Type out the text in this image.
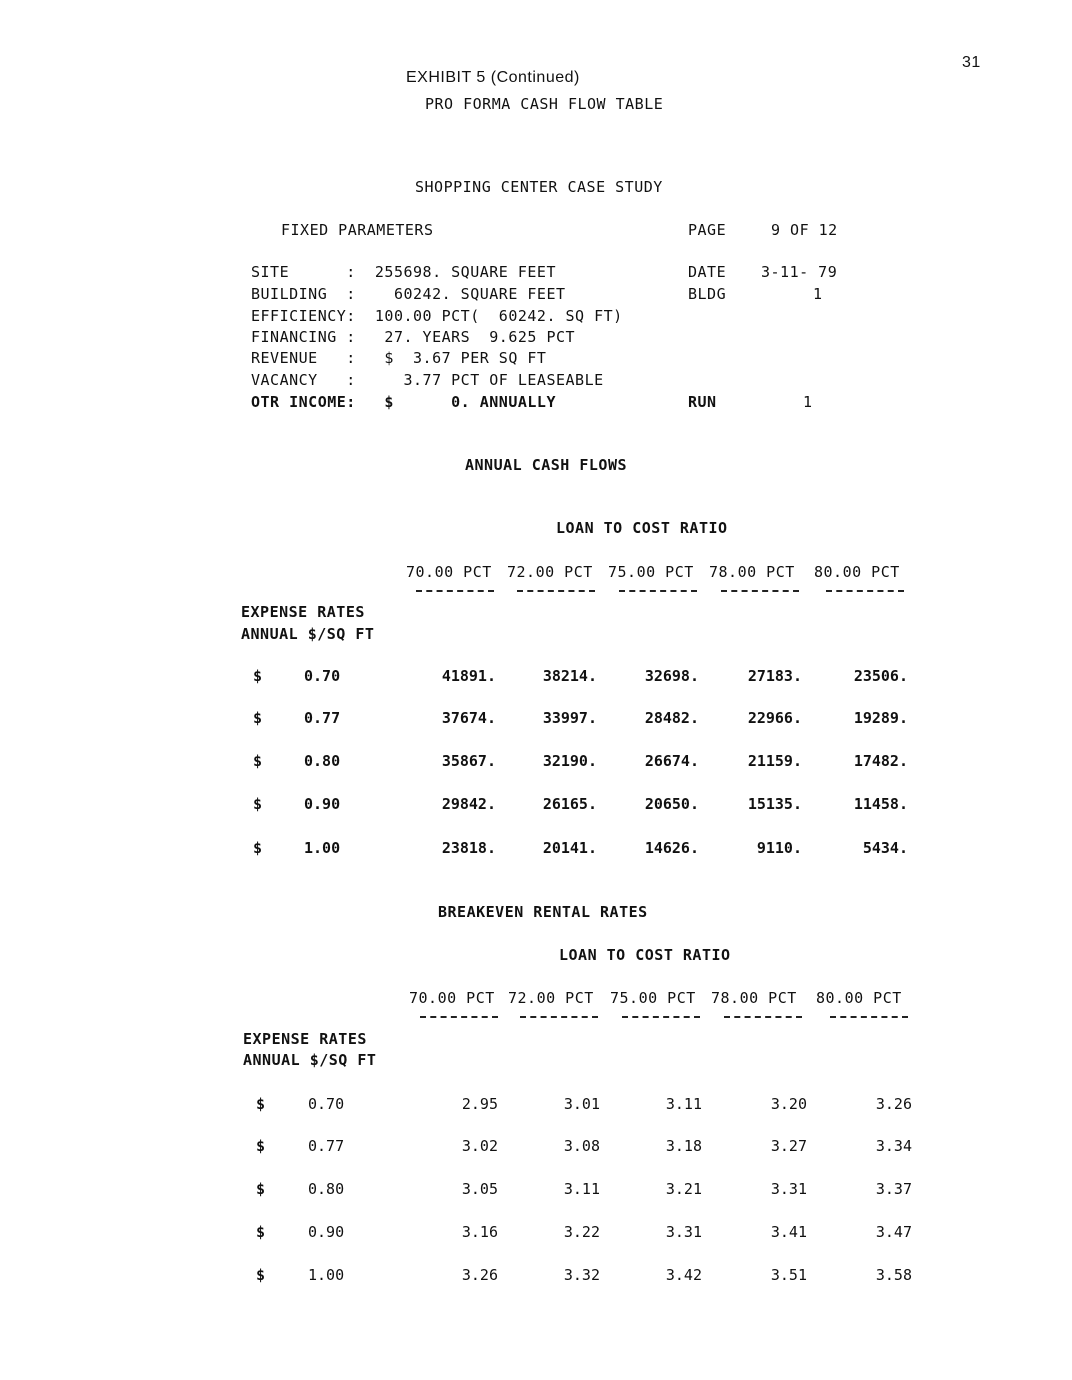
31
EXHIBIT 5 (Continued)
PRO FORMA CASH FLOW TABLE
SHOPPING CENTER CASE STUDY
FIXED PARAMETERS	PAGE	9 OF 12
SITE      :  255698. SQUARE FEET
BUILDING  :    60242. SQUARE FEET
EFFICIENCY:  100.00 PCT(  60242. SQ FT)
FINANCING :   27. YEARS  9.625 PCT
REVENUE   :   $  3.67 PER SQ FT
VACANCY   :     3.77 PCT OF LEASEABLE
OTR INCOME:   $      0. ANNUALLY
DATE 3-11- 79
BLDG	1
RUN	1
ANNUAL CASH FLOWS
LOAN TO COST RATIO
70.00 PCT 72.00 PCT 75.00 PCT 78.00 PCT 80.00 PCT
EXPENSE RATES
ANNUAL $/SQ FT
$	0.70	41891.	38214.	32698.	27183.	23506.
$	0.77	37674.	33997.	28482.	22966.	19289.
$	0.80	35867.	32190.	26674.	21159.	17482.
$	0.90	29842.	26165.	20650.	15135.	11458.
$	1.00	23818.	20141.	14626.	9110.	5434.
BREAKEVEN RENTAL RATES
LOAN TO COST RATIO
70.00 PCT 72.00 PCT 75.00 PCT 78.00 PCT 80.00 PCT
EXPENSE RATES
ANNUAL $/SQ FT
$	0.70	2.95	3.01	3.11	3.20	3.26
$	0.77	3.02	3.08	3.18	3.27	3.34
$	0.80	3.05	3.11	3.21	3.31	3.37
$	0.90	3.16	3.22	3.31	3.41	3.47
$	1.00	3.26	3.32	3.42	3.51	3.58
